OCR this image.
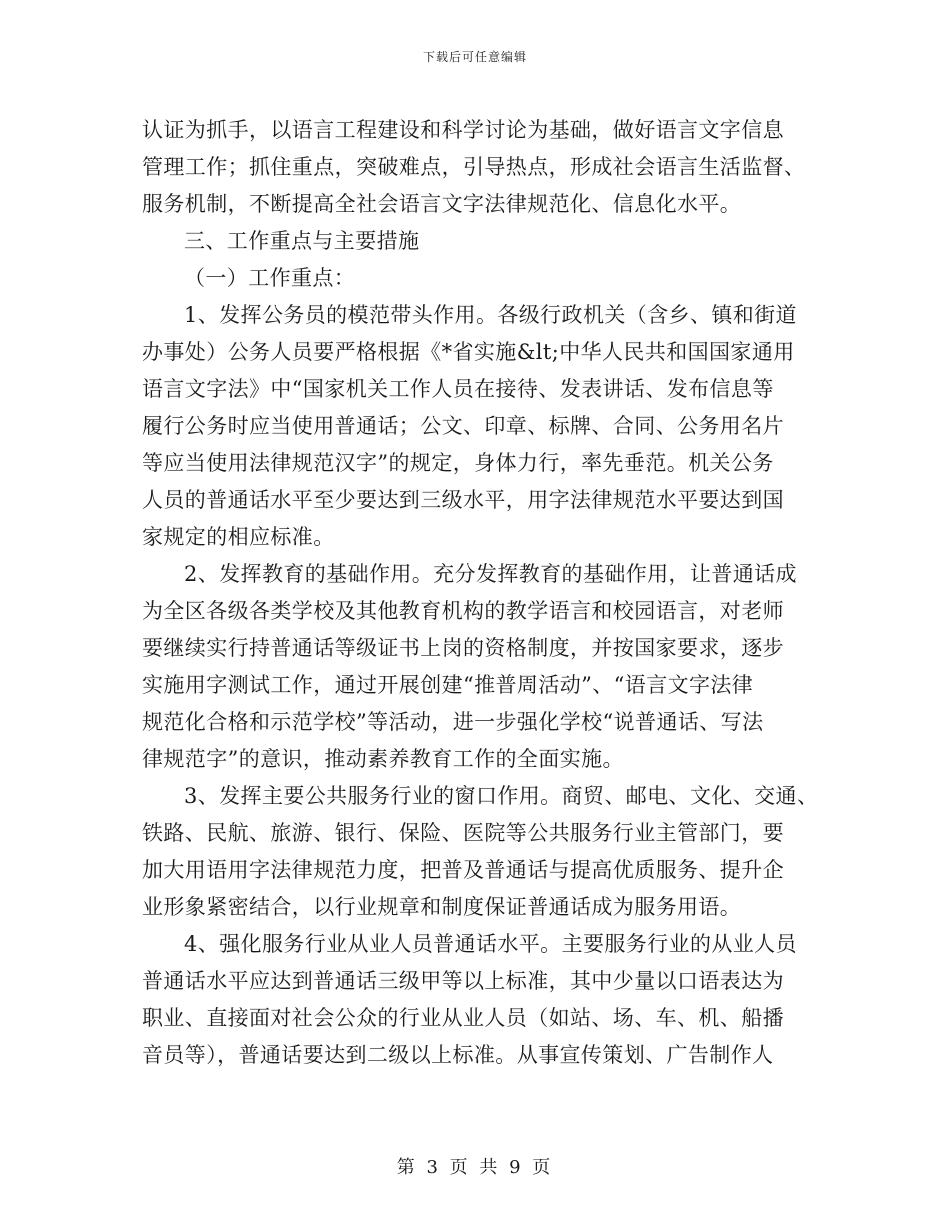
下载后可任意编辑
认证为抓手，以语言工程建设和科学讨论为基础，做好语言文字信息
管理工作；抓住重点，突破难点，引导热点，形成社会语言生活监督、
服务机制，不断提高全社会语言文字法律规范化、信息化水平。
三、工作重点与主要措施
（一）工作重点：
1、发挥公务员的模范带头作用。各级行政机关（含乡、镇和街道
办事处）公务人员要严格根据《*省实施&lt;中华人民共和国国家通用
语言文字法》中“国家机关工作人员在接待、发表讲话、发布信息等
履行公务时应当使用普通话；公文、印章、标牌、合同、公务用名片
等应当使用法律规范汉字”的规定，身体力行，率先垂范。机关公务
人员的普通话水平至少要达到三级水平，用字法律规范水平要达到国
家规定的相应标准。
2、发挥教育的基础作用。充分发挥教育的基础作用，让普通话成
为全区各级各类学校及其他教育机构的教学语言和校园语言，对老师
要继续实行持普通话等级证书上岗的资格制度，并按国家要求，逐步
实施用字测试工作，通过开展创建“推普周活动”、“语言文字法律
规范化合格和示范学校”等活动，进一步强化学校“说普通话、写法
律规范字”的意识，推动素养教育工作的全面实施。
3、发挥主要公共服务行业的窗口作用。商贸、邮电、文化、交通、
铁路、民航、旅游、银行、保险、医院等公共服务行业主管部门，要
加大用语用字法律规范力度，把普及普通话与提高优质服务、提升企
业形象紧密结合，以行业规章和制度保证普通话成为服务用语。
4、强化服务行业从业人员普通话水平。主要服务行业的从业人员
普通话水平应达到普通话三级甲等以上标准，其中少量以口语表达为
职业、直接面对社会公众的行业从业人员（如站、场、车、机、船播
音员等），普通话要达到二级以上标准。从事宣传策划、广告制作人
第 3 页 共 9 页
